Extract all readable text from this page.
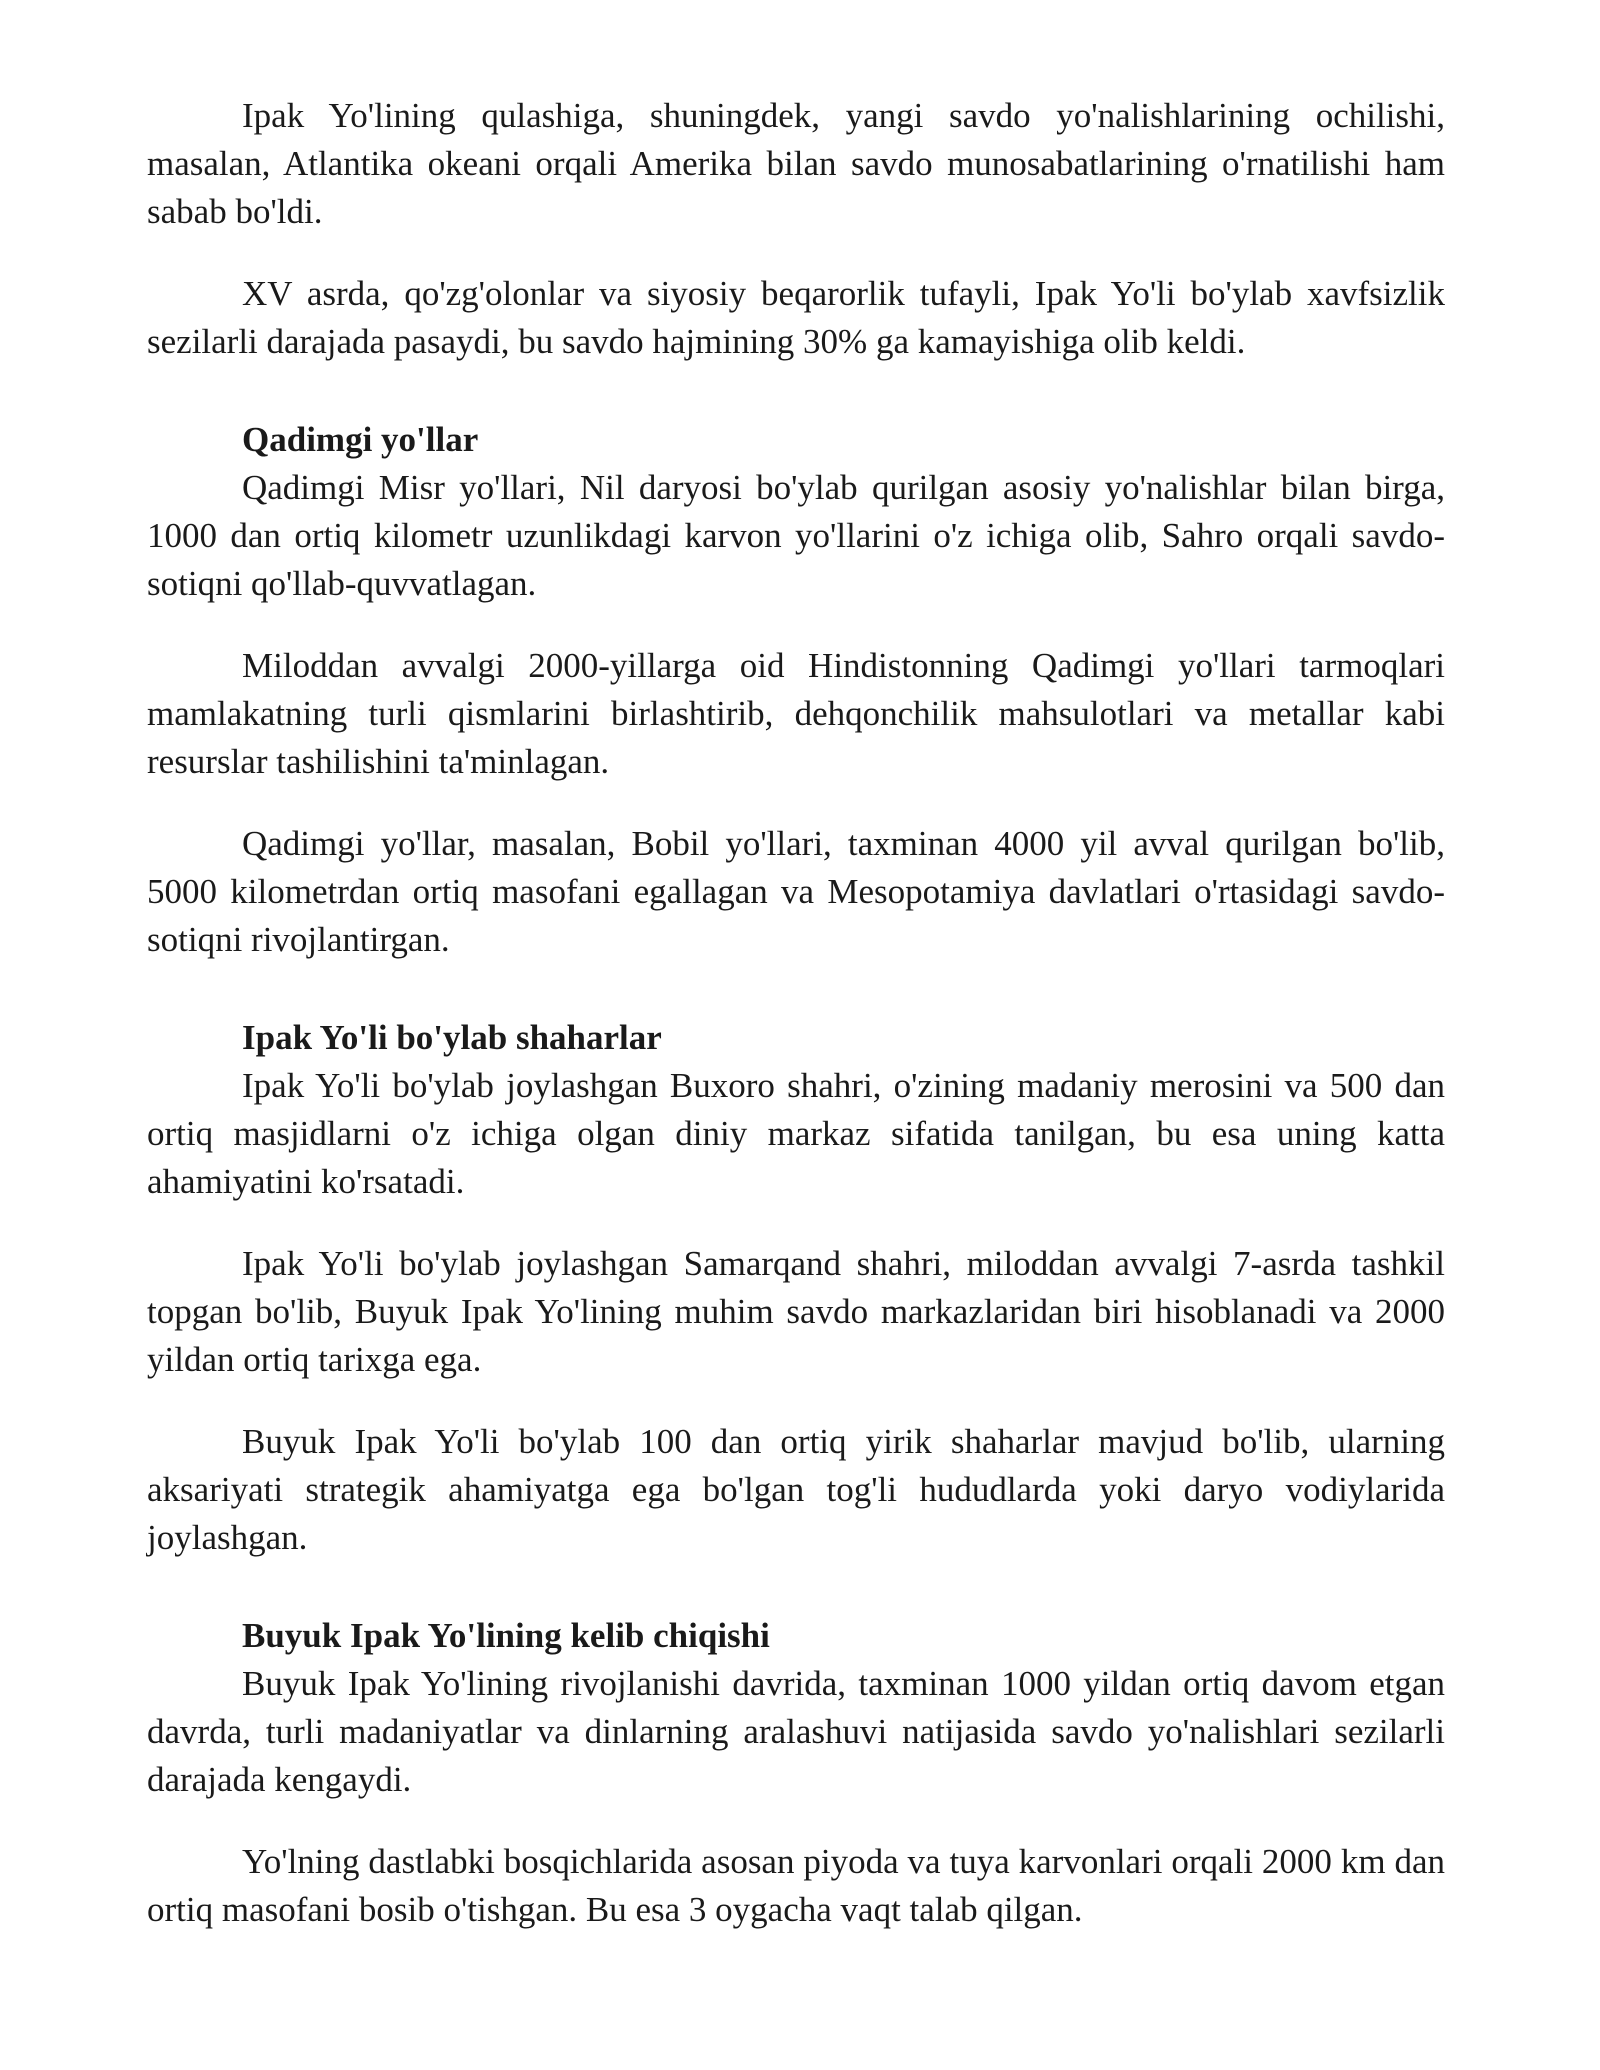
Ipak Yo'lining qulashiga, shuningdek, yangi savdo yo'nalishlarining ochilishi, masalan, Atlantika okeani orqali Amerika bilan savdo munosabatlarining o'rnatilishi ham sabab bo'ldi.

XV asrda, qo'zg'olonlar va siyosiy beqarorlik tufayli, Ipak Yo'li bo'ylab xavfsizlik sezilarli darajada pasaydi, bu savdo hajmining 30% ga kamayishiga olib keldi.

Qadimgi yo'llar

Qadimgi Misr yo'llari, Nil daryosi bo'ylab qurilgan asosiy yo'nalishlar bilan birga, 1000 dan ortiq kilometr uzunlikdagi karvon yo'llarini o'z ichiga olib, Sahro orqali savdo-sotiqni qo'llab-quvvatlagan.

Miloddan avvalgi 2000-yillarga oid Hindistonning Qadimgi yo'llari tarmoqlari mamlakatning turli qismlarini birlashtirib, dehqonchilik mahsulotlari va metallar kabi resurslar tashilishini ta'minlagan.

Qadimgi yo'llar, masalan, Bobil yo'llari, taxminan 4000 yil avval qurilgan bo'lib, 5000 kilometrdan ortiq masofani egallagan va Mesopotamiya davlatlari o'rtasidagi savdo-sotiqni rivojlantirgan.

Ipak Yo'li bo'ylab shaharlar

Ipak Yo'li bo'ylab joylashgan Buxoro shahri, o'zining madaniy merosini va 500 dan ortiq masjidlarni o'z ichiga olgan diniy markaz sifatida tanilgan, bu esa uning katta ahamiyatini ko'rsatadi.

Ipak Yo'li bo'ylab joylashgan Samarqand shahri, miloddan avvalgi 7-asrda tashkil topgan bo'lib, Buyuk Ipak Yo'lining muhim savdo markazlaridan biri hisoblanadi va 2000 yildan ortiq tarixga ega.

Buyuk Ipak Yo'li bo'ylab 100 dan ortiq yirik shaharlar mavjud bo'lib, ularning aksariyati strategik ahamiyatga ega bo'lgan tog'li hududlarda yoki daryo vodiylarida joylashgan.

Buyuk Ipak Yo'lining kelib chiqishi

Buyuk Ipak Yo'lining rivojlanishi davrida, taxminan 1000 yildan ortiq davom etgan davrda, turli madaniyatlar va dinlarning aralashuvi natijasida savdo yo'nalishlari sezilarli darajada kengaydi.

Yo'lning dastlabki bosqichlarida asosan piyoda va tuya karvonlari orqali 2000 km dan ortiq masofani bosib o'tishgan. Bu esa 3 oygacha vaqt talab qilgan.
